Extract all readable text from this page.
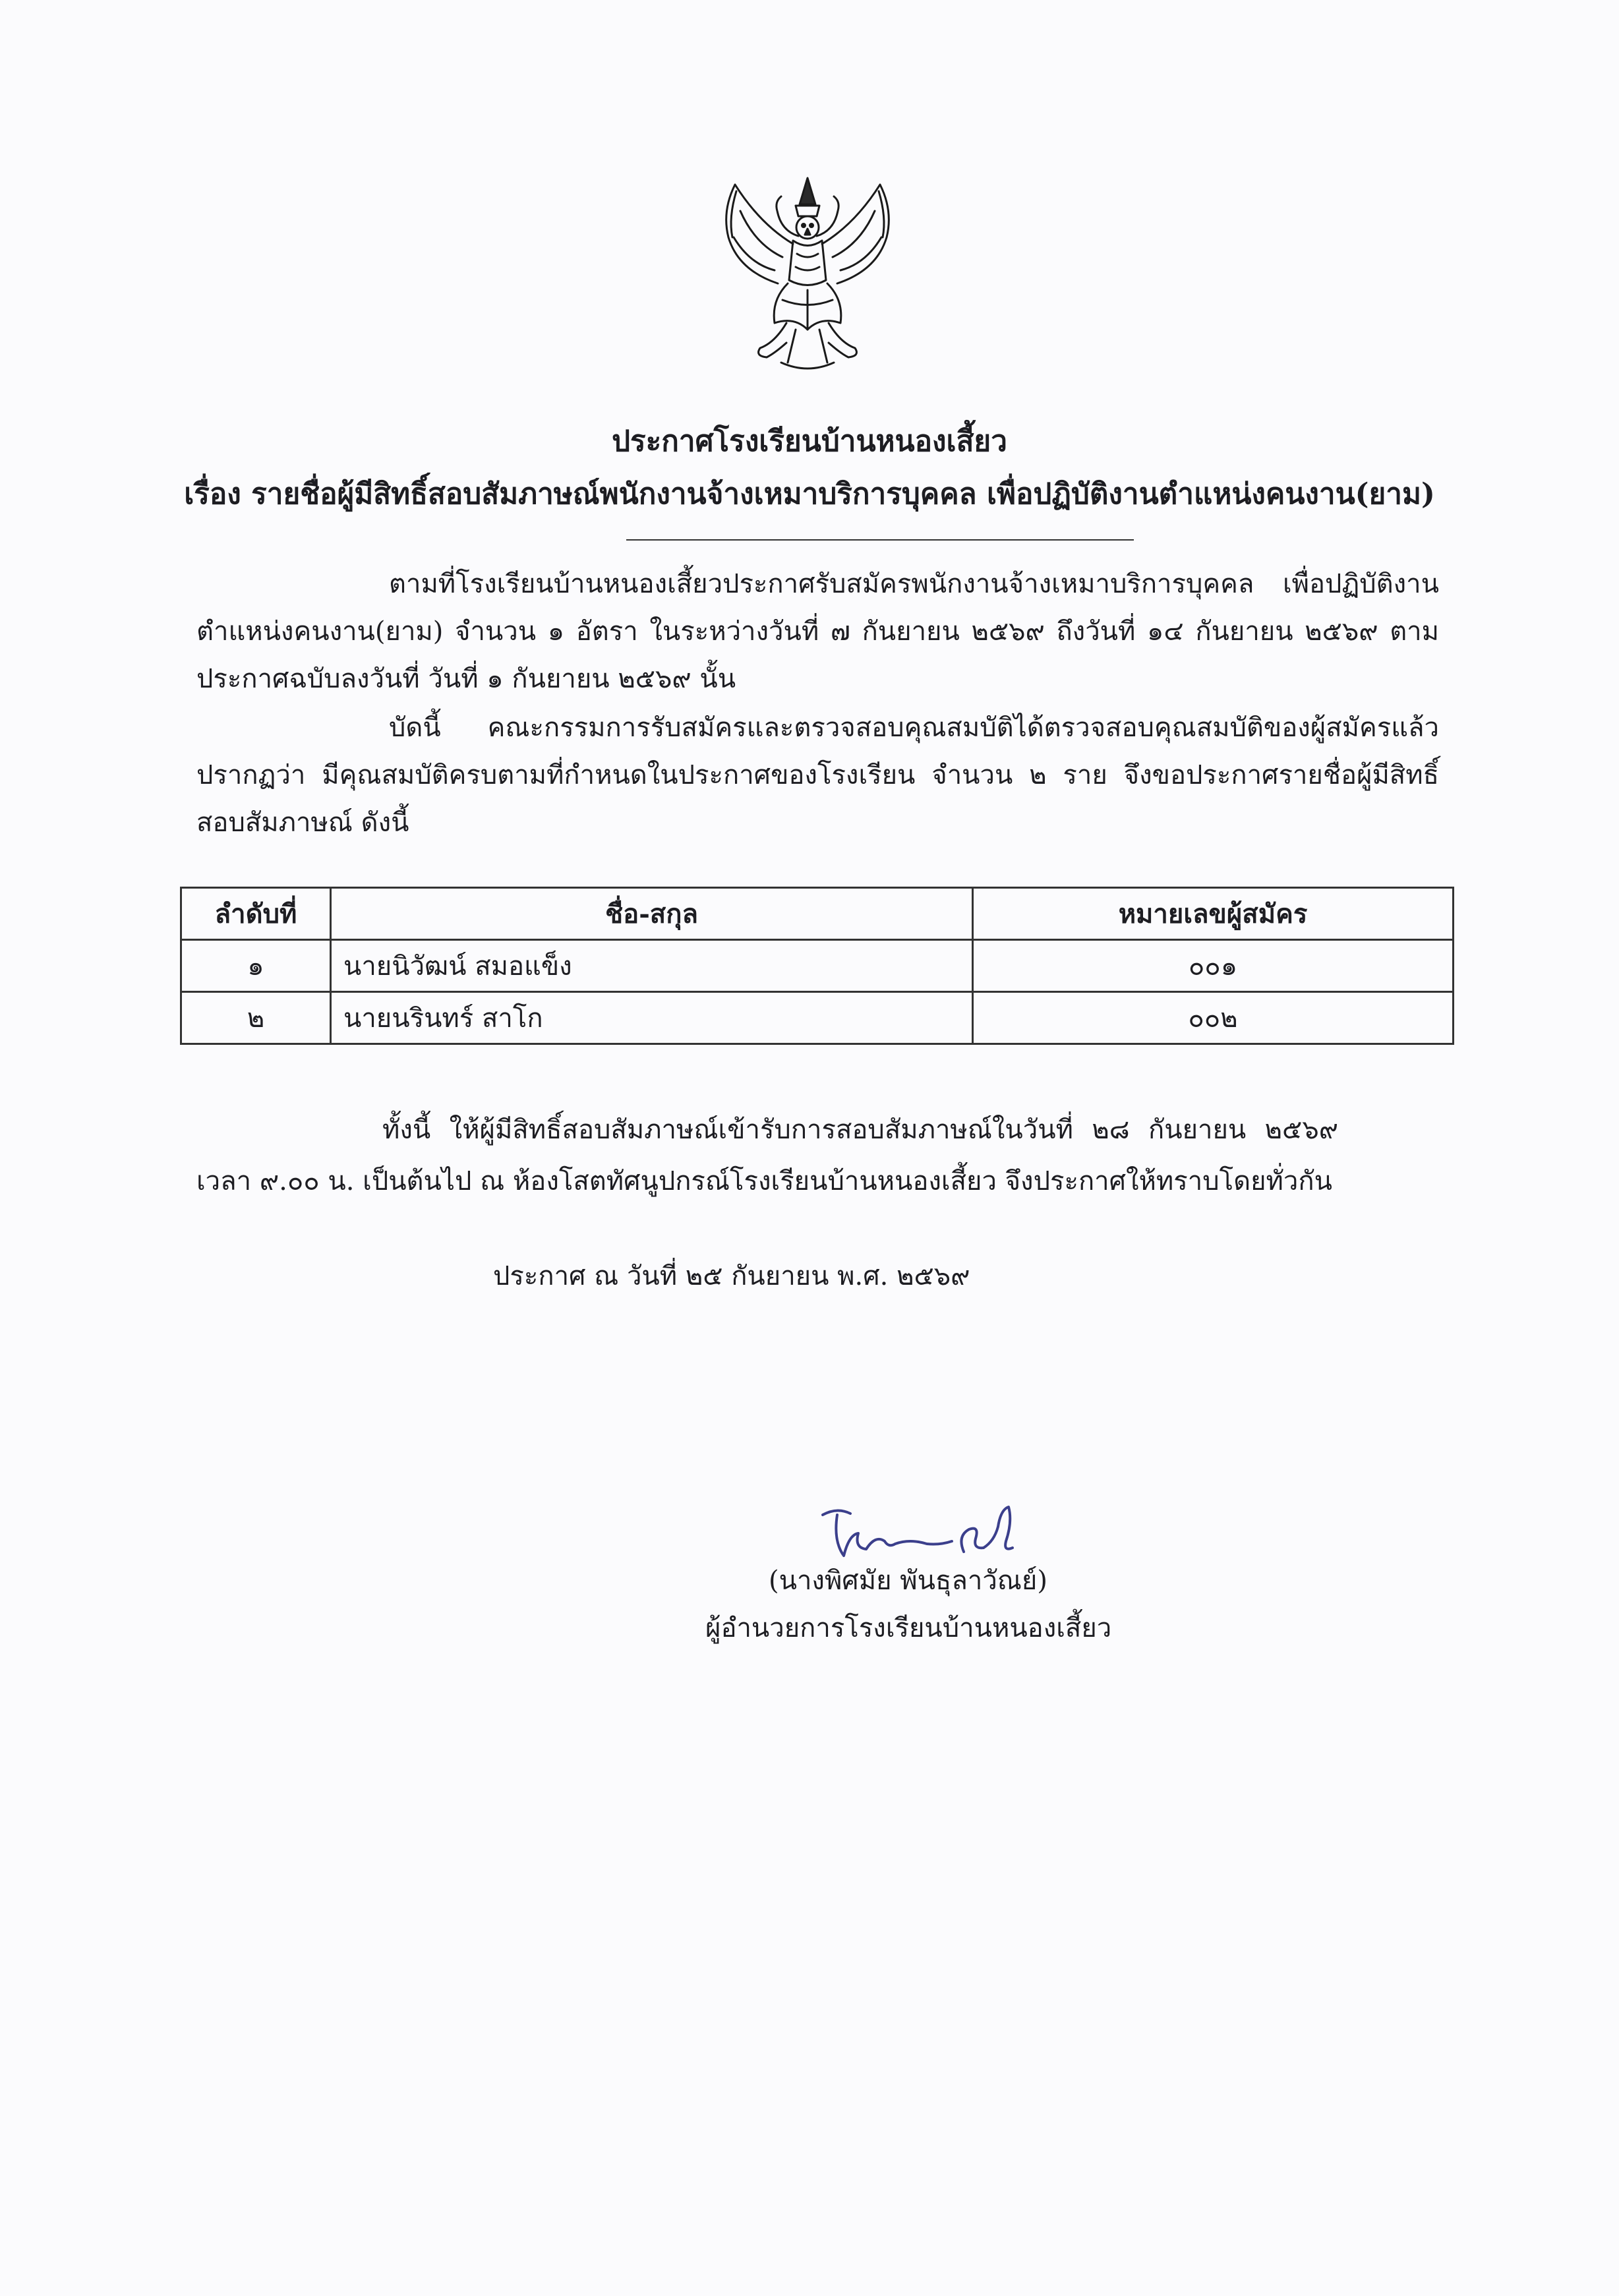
ประกาศโรงเรียนบ้านหนองเสี้ยว
เรื่อง รายชื่อผู้มีสิทธิ์สอบสัมภาษณ์พนักงานจ้างเหมาบริการบุคคล เพื่อปฏิบัติงานตำแหน่งคนงาน(ยาม)
ตามที่โรงเรียนบ้านหนองเสี้ยวประกาศรับสมัครพนักงานจ้างเหมาบริการบุคคล เพื่อปฏิบัติงาน
ตำแหน่งคนงาน(ยาม) จำนวน ๑ อัตรา ในระหว่างวันที่ ๗ กันยายน ๒๕๖๙ ถึงวันที่ ๑๔ กันยายน ๒๕๖๙ ตาม
ประกาศฉบับลงวันที่ วันที่ ๑ กันยายน ๒๕๖๙ นั้น
บัดนี้ คณะกรรมการรับสมัครและตรวจสอบคุณสมบัติได้ตรวจสอบคุณสมบัติของผู้สมัครแล้ว
ปรากฏว่า มีคุณสมบัติครบตามที่กำหนดในประกาศของโรงเรียน จำนวน ๒ ราย จึงขอประกาศรายชื่อผู้มีสิทธิ์
สอบสัมภาษณ์ ดังนี้
ลำดับที่	ชื่อ-สกุล	หมายเลขผู้สมัคร
๑	นายนิวัฒน์ สมอแข็ง	๐๐๑
๒	นายนรินทร์ สาโก	๐๐๒
ทั้งนี้ ให้ผู้มีสิทธิ์สอบสัมภาษณ์เข้ารับการสอบสัมภาษณ์ในวันที่ ๒๘ กันยายน ๒๕๖๙
เวลา ๙.๐๐ น. เป็นต้นไป ณ ห้องโสตทัศนูปกรณ์โรงเรียนบ้านหนองเสี้ยว จึงประกาศให้ทราบโดยทั่วกัน
ประกาศ ณ วันที่ ๒๕ กันยายน พ.ศ. ๒๕๖๙
(นางพิศมัย พันธุลาวัณย์)
ผู้อำนวยการโรงเรียนบ้านหนองเสี้ยว
